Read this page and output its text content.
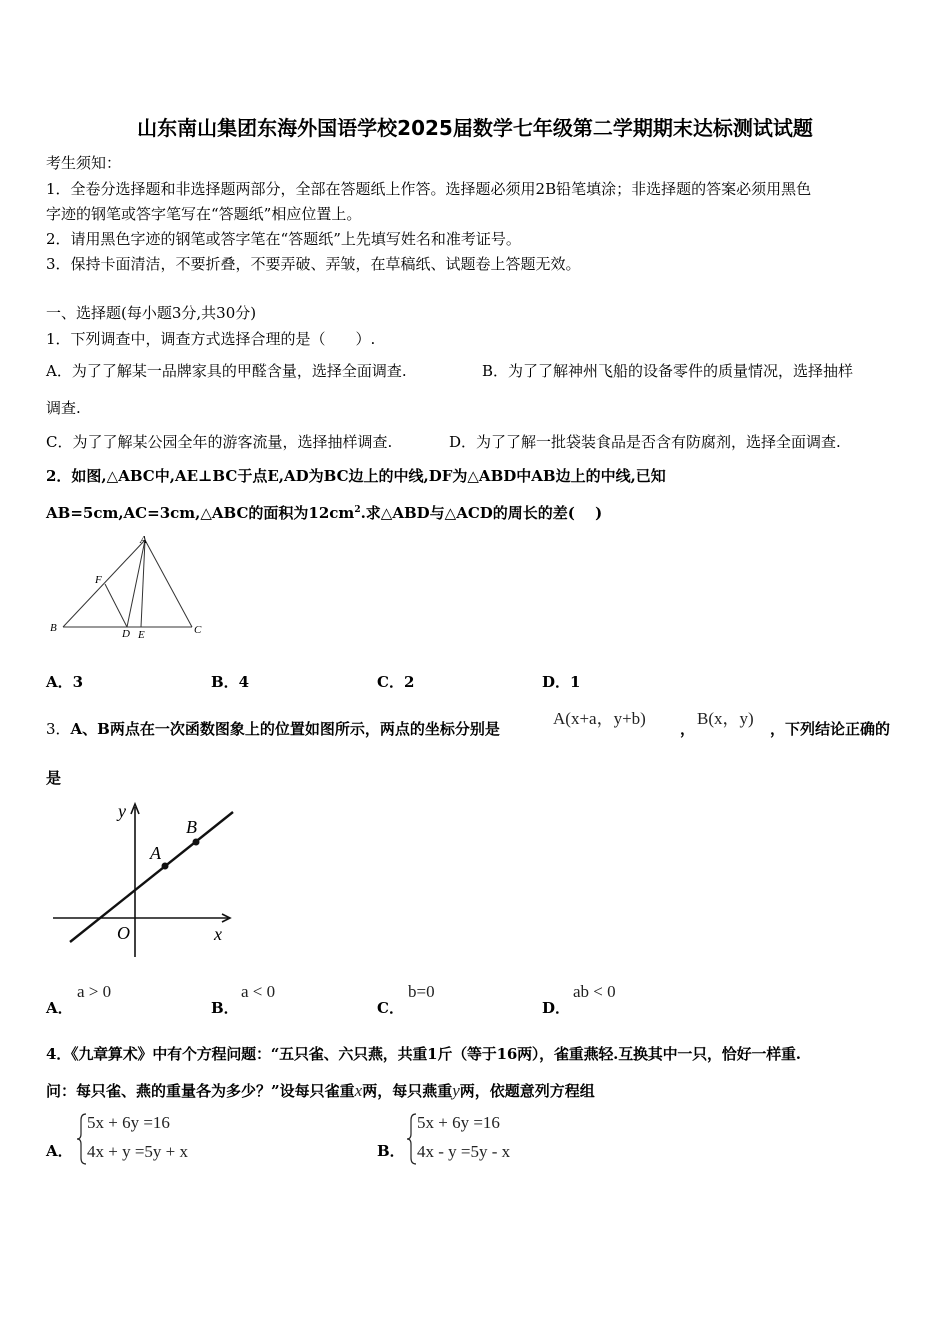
山东南山集团东海外国语学校2025届数学七年级第二学期期末达标测试试题
考生须知：
1．全卷分选择题和非选择题两部分，全部在答题纸上作答。选择题必须用2B铅笔填涂；非选择题的答案必须用黑色
字迹的钢笔或答字笔写在“答题纸”相应位置上。
2．请用黑色字迹的钢笔或答字笔在“答题纸”上先填写姓名和准考证号。
3．保持卡面清洁，不要折叠，不要弄破、弄皱，在草稿纸、试题卷上答题无效。
一、选择题(每小题3分,共30分)
1．下列调查中，调查方式选择合理的是（　　）.
A．为了了解某一品牌家具的甲醛含量，选择全面调查.	B．为了了解神州飞船的设备零件的质量情况，选择抽样
调查.
C．为了了解某公园全年的游客流量，选择抽样调查.	D．为了了解一批袋装食品是否含有防腐剂，选择全面调查.
2．如图,△ABC中,AE⊥BC于点E,AD为BC边上的中线,DF为△ABD中AB边上的中线,已知
AB=5cm,AC=3cm,△ABC的面积为$12cm^2$.求△ABD与△ACD的周长的差(　 )
A
B	C
D E
F
A．3	B．4	C．2	D．1
3．A、B两点在一次函数图象上的位置如图所示，两点的坐标分别是
A(x+a，y+b)
，
B(x，y)
，下列结论正确的
是
y
x
O
A
B
A．
a > 0
B．
a < 0
C．
b=0
D．
ab < 0
4．《九章算术》中有个方程问题：“五只雀、六只燕，共重1斤（等于16两），雀重燕轻.互换其中一只，恰好一样重.
问：每只雀、燕的重量各为多少？”设每只雀重x两，每只燕重y两，依题意列方程组
A．
5x + 6y =16
4x + y =5y + x	B．
5x + 6y =16
4x - y =5y - x
